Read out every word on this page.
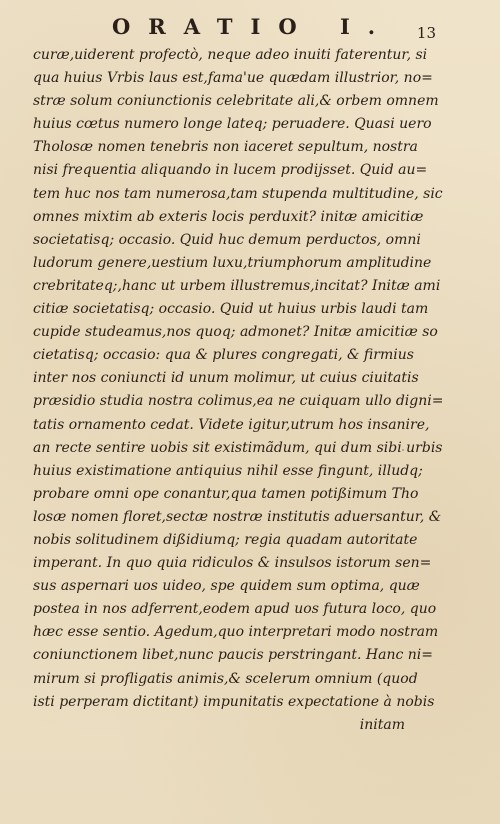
ORATIO I. 13
curæ,uiderent profectò, neque adeo inuiti faterentur, si
qua huius Vrbis laus est,fama'ue quædam illustrior, no=
stræ solum coniunctionis celebritate ali,& orbem omnem
huius cœtus numero longe lateq; peruadere. Quasi uero
Tholosæ nomen tenebris non iaceret sepultum, nostra
nisi frequentia aliquando in lucem prodijsset. Quid au=
tem huc nos tam numerosa,tam stupenda multitudine, sic
omnes mixtim ab exteris locis perduxit? initæ amicitiæ
societatisq; occasio. Quid huc demum perductos, omni
ludorum genere,uestium luxu,triumphorum amplitudine
crebritateq;,hanc ut urbem illustremus,incitat? Initæ ami
citiæ societatisq; occasio. Quid ut huius urbis laudi tam
cupide studeamus,nos quoq; admonet? Initæ amicitiæ so
cietatisq; occasio: qua & plures congregati, & firmius
inter nos coniuncti id unum molimur, ut cuius ciuitatis
præsidio studia nostra colimus,ea ne cuiquam ullo digni=
tatis ornamento cedat. Videte igitur,utrum hos insanire,
an recte sentire uobis sit existimãdum, qui dum sibi urbis
huius existimatione antiquius nihil esse fingunt, illudq;
probare omni ope conantur,qua tamen potißimum Tho
losæ nomen floret,sectæ nostræ institutis aduersantur, &
nobis solitudinem dißidiumq; regia quadam autoritate
imperant. In quo quia ridiculos & insulsos istorum sen=
sus aspernari uos uideo, spe quidem sum optima, quæ
postea in nos adferrent,eodem apud uos futura loco, quo
hæc esse sentio. Agedum,quo interpretari modo nostram
coniunctionem libet,nunc paucis perstringant. Hanc ni=
mirum si profligatis animis,& scelerum omnium (quod
isti perperam dictitant) impunitatis expectatione à nobis
initam
